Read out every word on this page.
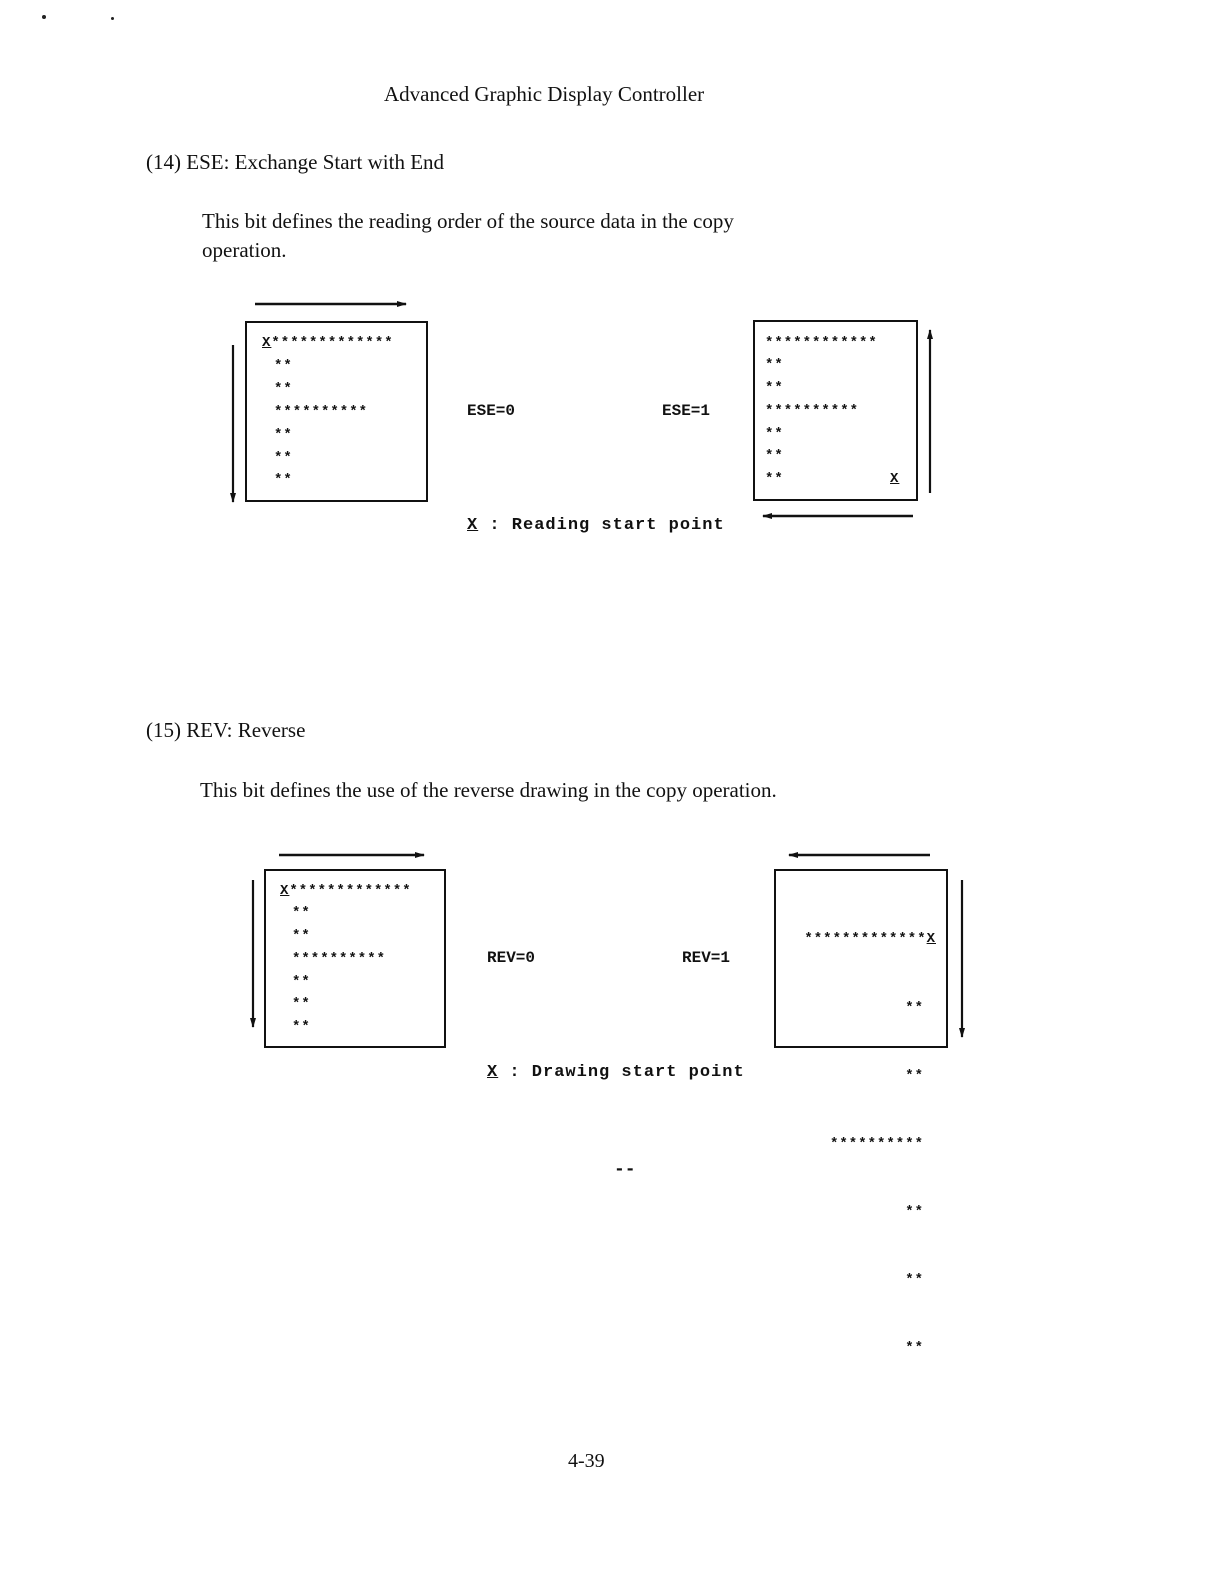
Advanced Graphic Display Controller
(14) ESE: Exchange Start with End
This bit defines the reading order of the source data in the copy
operation.
X*************
**
**
**********
**
**
**
ESE=0	ESE=1
************
**
**
**********
**
**
**	X
X : Reading start point
(15) REV: Reverse
This bit defines the use of the reverse drawing in the copy operation.
X*************
**
**
**********
**
**
**
REV=0	REV=1

*************X

**

**

**********

**

**

**

X : Drawing start point
--
4-39
